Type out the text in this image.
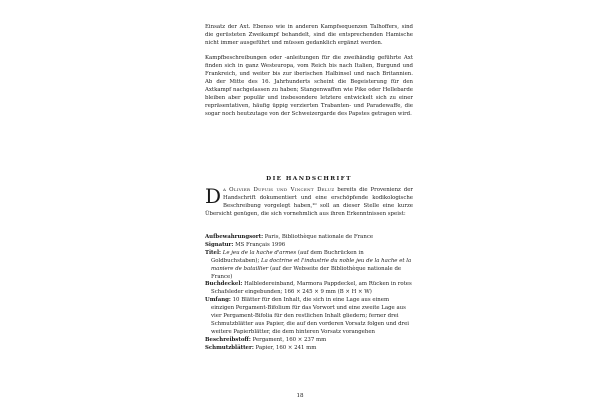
Einsatz der Axt. Ebenso wie in anderen Kampfsequenzen Talhoffers, sind die gerüsteten Zweikampf behandelt, sind die entsprechenden Hamische nicht immer ausgeführt und müssen gedanklich ergänzt werden.

Kampfbeschreibungen oder -anleitungen für die zweihändig geführte Axt finden sich in ganz Westeuropa, vom Reich bis nach Italien, Burgund und Frankreich, und weiter bis zur iberischen Halbinsel und nach Britannien. Ab der Mitte des 16. Jahrhunderts scheint die Begeisterung für den Axtkampf nachgelassen zu haben; Stangenwaffen wie Pike oder Hellebarde bleiben aber populär und insbesondere letztere entwickelt sich zu einer repräsentativen, häufig üppig verzierten Trabanten- und Paradewaffe, die sogar noch heutzutage von der Schweizergarde des Papstes getragen wird.

DIE HANDSCHRIFT

Da Olivier Dupuis und Vincent Deluz bereits die Provenienz der Handschrift dokumentiert und eine erschöpfende kodikologische Beschreibung vorgelegt haben,¹⁰ soll an dieser Stelle eine kurze Übersicht genügen, die sich vornehmlich aus ihren Erkenntnissen speist:

Aufbewahrungsort: Paris, Bibliothèque nationale de France

Signatur: MS Français 1996

Titel: Le jeu de la hache d'armes (auf dem Buchrücken in Goldbuchstaben); La doctrine et l'industrie du noble jeu de la hache et la maniere de bataillier (auf der Webseite der Bibliothèque nationale de France)

Buchdeckel: Halbledereinband, Marmora Pappdeckel, am Rücken in rotes Schafsleder eingebunden; 166 × 245 × 9 mm (B × H × W)

Umfang: 10 Blätter für den Inhalt, die sich in eine Lage aus einem einzigen Pergament-Bifolium für das Vorwort und eine zweite Lage aus vier Pergament-Bifolia für den restlichen Inhalt gliedern; ferner drei Schmutzblätter aus Papier, die auf den vorderen Vorsatz folgen und drei weitere Papierblätter, die dem hinteren Vorsatz vorangehen

Beschreibstoff: Pergament, 160 × 237 mm

Schmutzblätter: Papier, 160 × 241 mm

18
